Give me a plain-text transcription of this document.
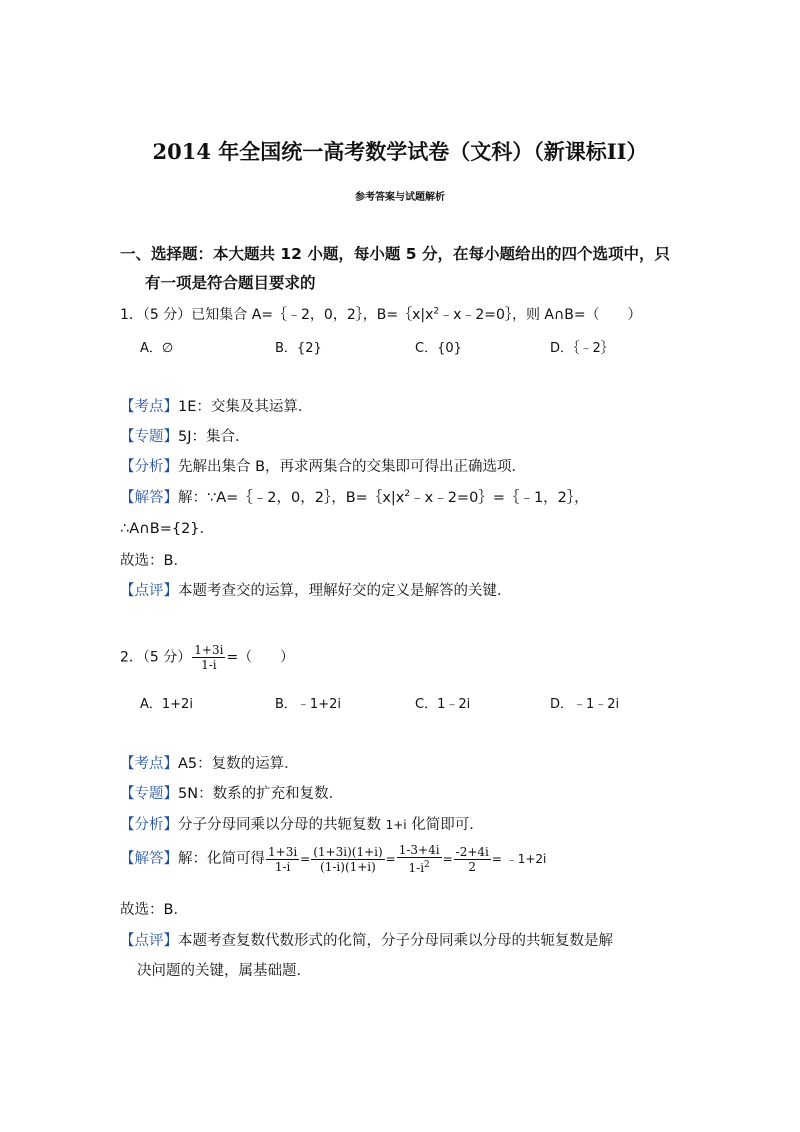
2014 年全国统一高考数学试卷（文科）（新课标II）
参考答案与试题解析
一、选择题：本大题共 12 小题，每小题 5 分，在每小题给出的四个选项中，只
有一项是符合题目要求的
1．（5 分）已知集合 A=｛﹣2，0，2｝，$B=\{x|x^2﹣x﹣2=0\}$，则 A∩B=（　　）
A．∅	B．{2}	C．{0}	D．｛﹣2｝
【考点】1E：交集及其运算．
【专题】5J：集合．
【分析】先解出集合 B，再求两集合的交集即可得出正确选项．
【解答】解：∵A=｛﹣2，0，2｝，$B=\{x|x^2﹣x﹣2=0\}=\{﹣1$，2｝，
∴A∩B={2}．
故选：B．
【点评】本题考查交的运算，理解好交的定义是解答的关键．
2．（5 分） $\frac{1+3i}{1-i}$ =（　　）
A．1+2i	B．﹣1+2i	C．1﹣2i	D．﹣1﹣2i
【考点】A5：复数的运算．
【专题】5N：数系的扩充和复数．
【分析】分子分母同乘以分母的共轭复数 1+i 化简即可．
【解答】解：化简可得 $\frac{1+3i}{1-i} = \frac{(1+3i)(1+i)}{(1-i)(1+i)} = \frac{1-3+4i}{1-i^2} = \frac{-2+4i}{2}$ = ﹣1+2i
故选：B．
【点评】本题考查复数代数形式的化简，分子分母同乘以分母的共轭复数是解
决问题的关键，属基础题．
